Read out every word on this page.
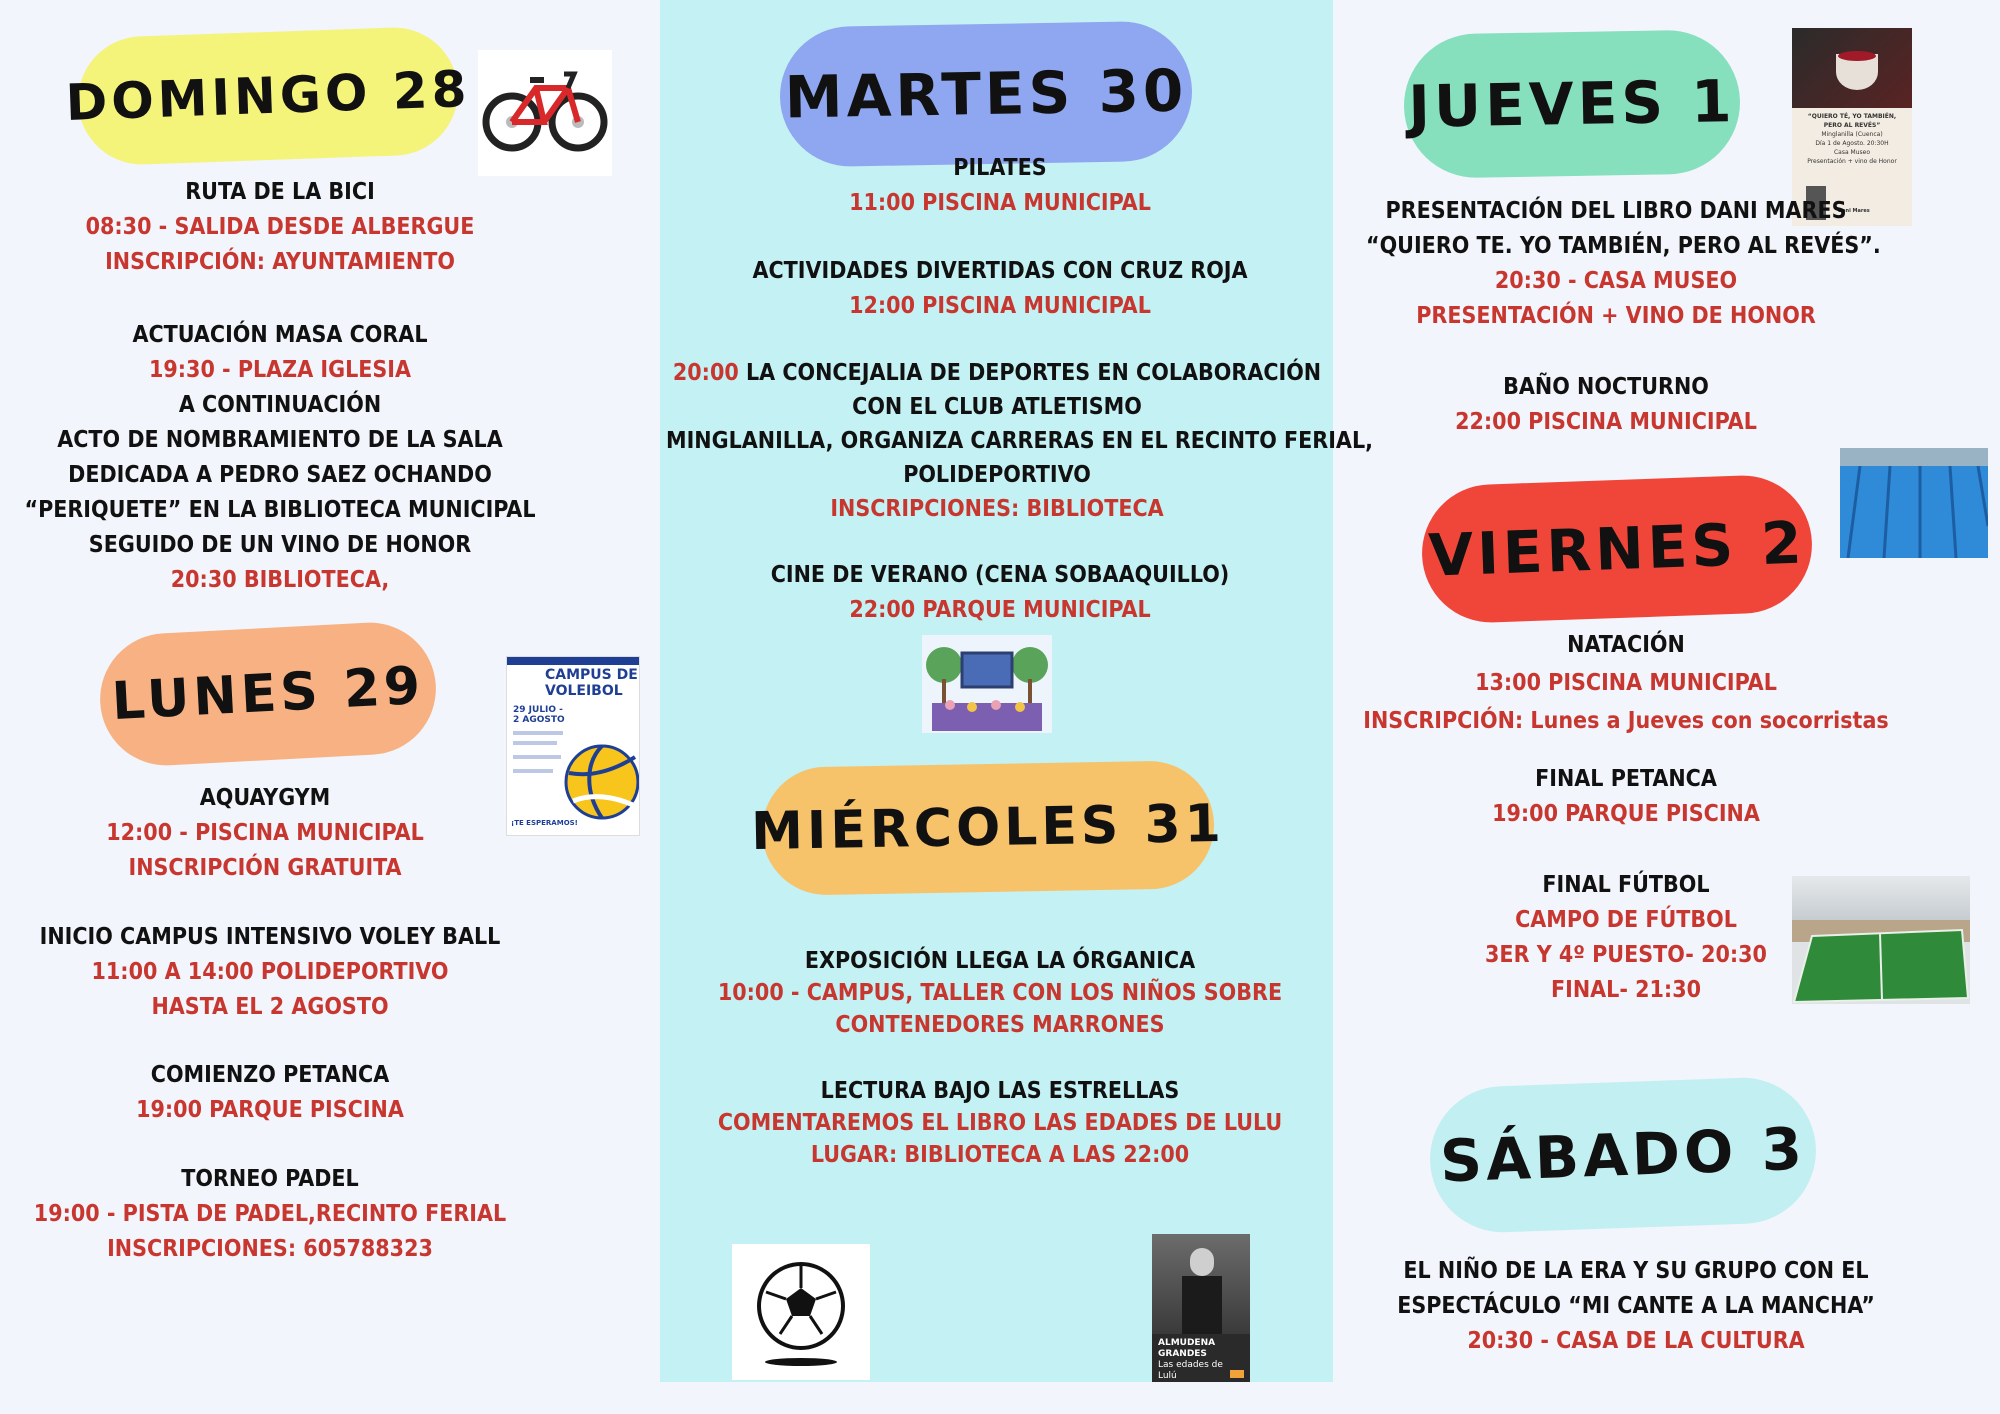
DOMINGO 28
RUTA DE LA BICI
08:30 - SALIDA DESDE ALBERGUE
INSCRIPCIÓN: AYUNTAMIENTO
ACTUACIÓN MASA CORAL
19:30 - PLAZA IGLESIA
A CONTINUACIÓN
ACTO DE NOMBRAMIENTO DE LA SALA
DEDICADA A PEDRO SAEZ OCHANDO
“PERIQUETE” EN LA BIBLIOTECA MUNICIPAL
SEGUIDO DE UN VINO DE HONOR
20:30 BIBLIOTECA,
LUNES 29	CAMPUS DE
VOLEIBOL
29 JULIO -
2 AGOSTO
¡TE ESPERAMOS!
AQUAYGYM
12:00 - PISCINA MUNICIPAL
INSCRIPCIÓN GRATUITA
INICIO CAMPUS INTENSIVO VOLEY BALL
11:00 A 14:00 POLIDEPORTIVO
HASTA EL 2 AGOSTO
COMIENZO PETANCA
19:00 PARQUE PISCINA
TORNEO PADEL
19:00 - PISTA DE PADEL,RECINTO FERIAL
INSCRIPCIONES: 605788323
MARTES 30
PILATES
11:00 PISCINA MUNICIPAL
ACTIVIDADES DIVERTIDAS CON CRUZ ROJA
12:00 PISCINA MUNICIPAL
20:00 LA CONCEJALIA DE DEPORTES EN COLABORACIÓN
CON EL CLUB ATLETISMO
MINGLANILLA, ORGANIZA CARRERAS EN EL RECINTO FERIAL,
POLIDEPORTIVO
INSCRIPCIONES: BIBLIOTECA
CINE DE VERANO (CENA SOBAAQUILLO)
22:00 PARQUE MUNICIPAL
MIÉRCOLES 31
EXPOSICIÓN LLEGA LA ÓRGANICA
10:00 - CAMPUS, TALLER CON LOS NIÑOS SOBRE
CONTENEDORES MARRONES
LECTURA BAJO LAS ESTRELLAS
COMENTAREMOS EL LIBRO LAS EDADES DE LULU
LUGAR: BIBLIOTECA A LAS 22:00
ALMUDENA GRANDES
Las edades de Lulú
JUEVES 1	“QUIERO TÉ, YO TAMBIÉN,
PERO AL REVÉS”
Minglanilla (Cuenca)
Día 1 de Agosto. 20:30H
Casa Museo
Presentación + vino de Honor
Dani Mares
PRESENTACIÓN DEL LIBRO DANI MARES
“QUIERO TE. YO TAMBIÉN, PERO AL REVÉS”.
20:30 - CASA MUSEO
PRESENTACIÓN + VINO DE HONOR
BAÑO NOCTURNO
22:00 PISCINA MUNICIPAL
VIERNES 2
NATACIÓN
13:00 PISCINA MUNICIPAL
INSCRIPCIÓN: Lunes a Jueves con socorristas
FINAL PETANCA
19:00 PARQUE PISCINA
FINAL FÚTBOL
CAMPO DE FÚTBOL
3ER Y 4º PUESTO- 20:30
FINAL- 21:30
SÁBADO 3
EL NIÑO DE LA ERA Y SU GRUPO CON EL
ESPECTÁCULO “MI CANTE A LA MANCHA”
20:30 - CASA DE LA CULTURA
